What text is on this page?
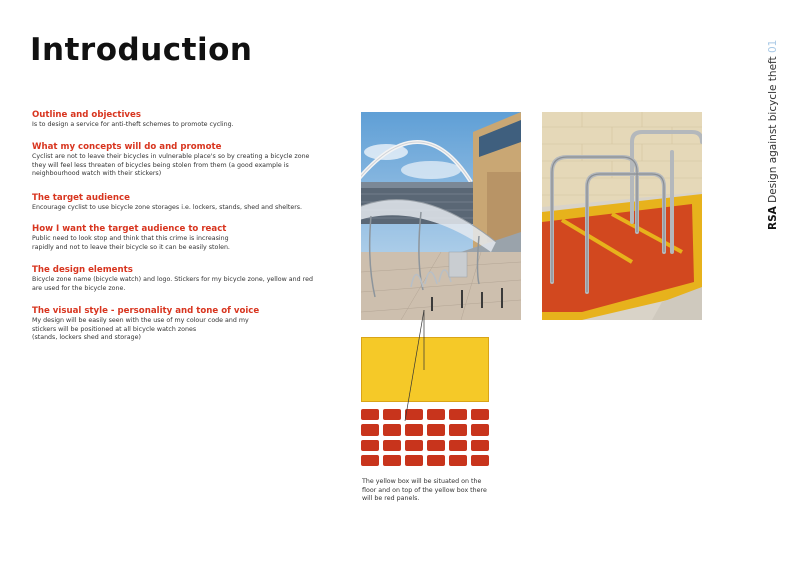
Introduction
Outline and objectives
Is to design a service for anti-theft schemes to promote cycling.
What my concepts will do and promote
Cyclist are not to leave their bicycles in vulnerable place's so by creating a bicycle zone
they will feel less threaten of bicycles being stolen from them (a good example is
neighbourhood watch with their stickers)
The target audience
Encourage cyclist to use bicycle zone storages i.e. lockers, stands, shed and shelters.
How I want the target audience to react
Public need to look stop and think that this crime is increasing
rapidly and not to leave their bicycle so it can be easily stolen.
The design elements
Bicycle zone name (bicycle watch) and logo. Stickers for my bicycle zone, yellow and red
are used for the bicycle zone.
The visual style - personality and tone of voice
My design will be easily seen with the use of my colour code and my
stickers will be positioned at all bicycle watch zones
(stands, lockers shed and storage)
RSA Design against bicycle theft 01
The yellow box will be situated on the
floor and on top of the yellow box there
will be red panels.
